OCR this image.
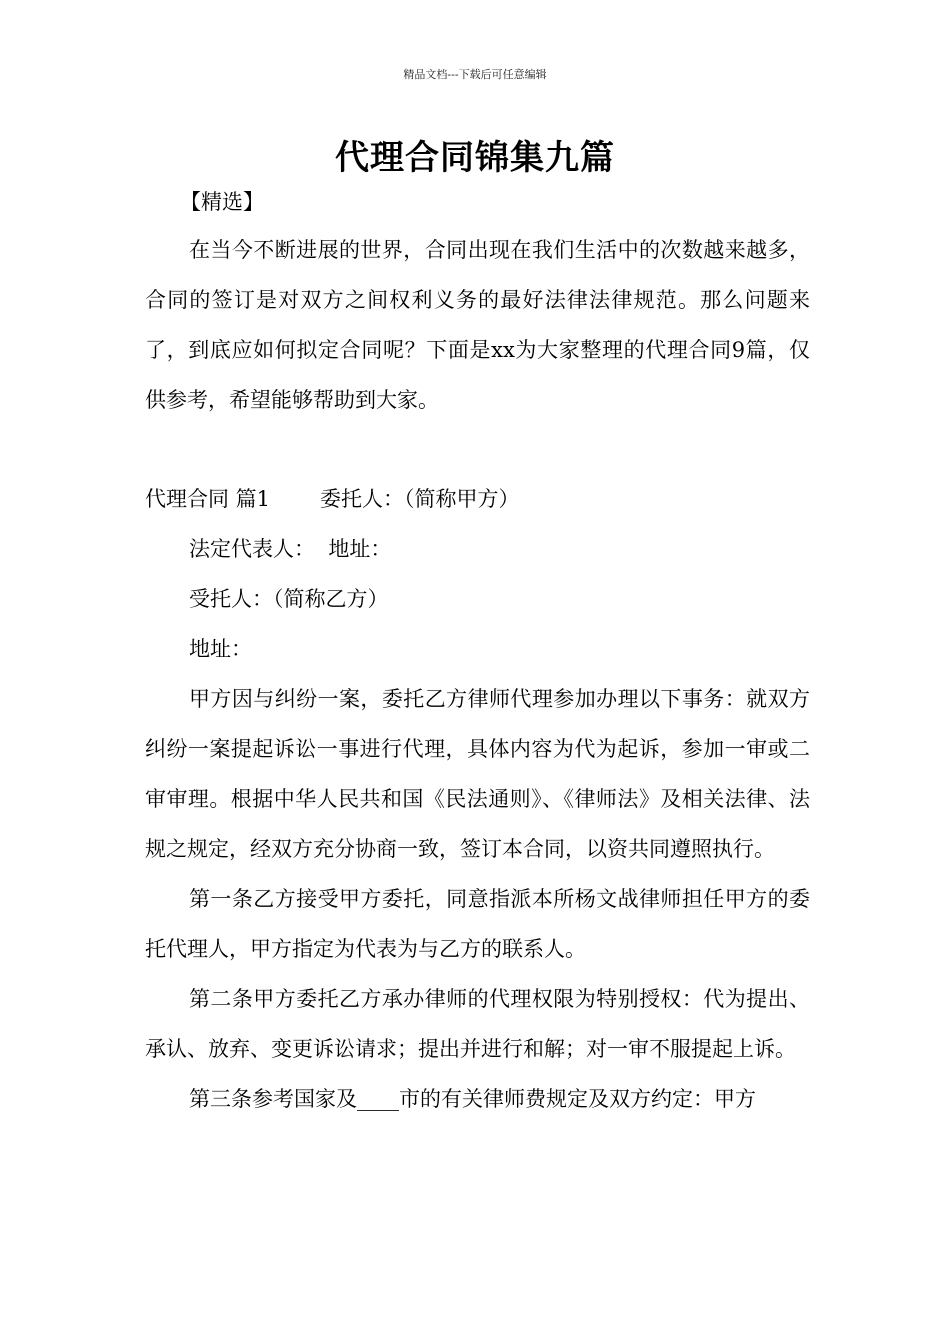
精品文档---下载后可任意编辑
代理合同锦集九篇
【精选】

在当今不断进展的世界，合同出现在我们生活中的次数越来越多，合同的签订是对双方之间权利义务的最好法律法律规范。那么问题来了，到底应如何拟定合同呢？下面是xx为大家整理的代理合同9篇，仅供参考，希望能够帮助到大家。

代理合同 篇1 委托人：（简称甲方）

法定代表人：  地址：

受托人：（简称乙方）

地址：

甲方因与纠纷一案，委托乙方律师代理参加办理以下事务：就双方纠纷一案提起诉讼一事进行代理，具体内容为代为起诉，参加一审或二审审理。根据中华人民共和国《民法通则》、《律师法》及相关法律、法规之规定，经双方充分协商一致，签订本合同，以资共同遵照执行。

第一条乙方接受甲方委托，同意指派本所杨文战律师担任甲方的委托代理人，甲方指定为代表为与乙方的联系人。

第二条甲方委托乙方承办律师的代理权限为特别授权：代为提出、承认、放弃、变更诉讼请求；提出并进行和解；对一审不服提起上诉。

第三条参考国家及____市的有关律师费规定及双方约定：甲方
